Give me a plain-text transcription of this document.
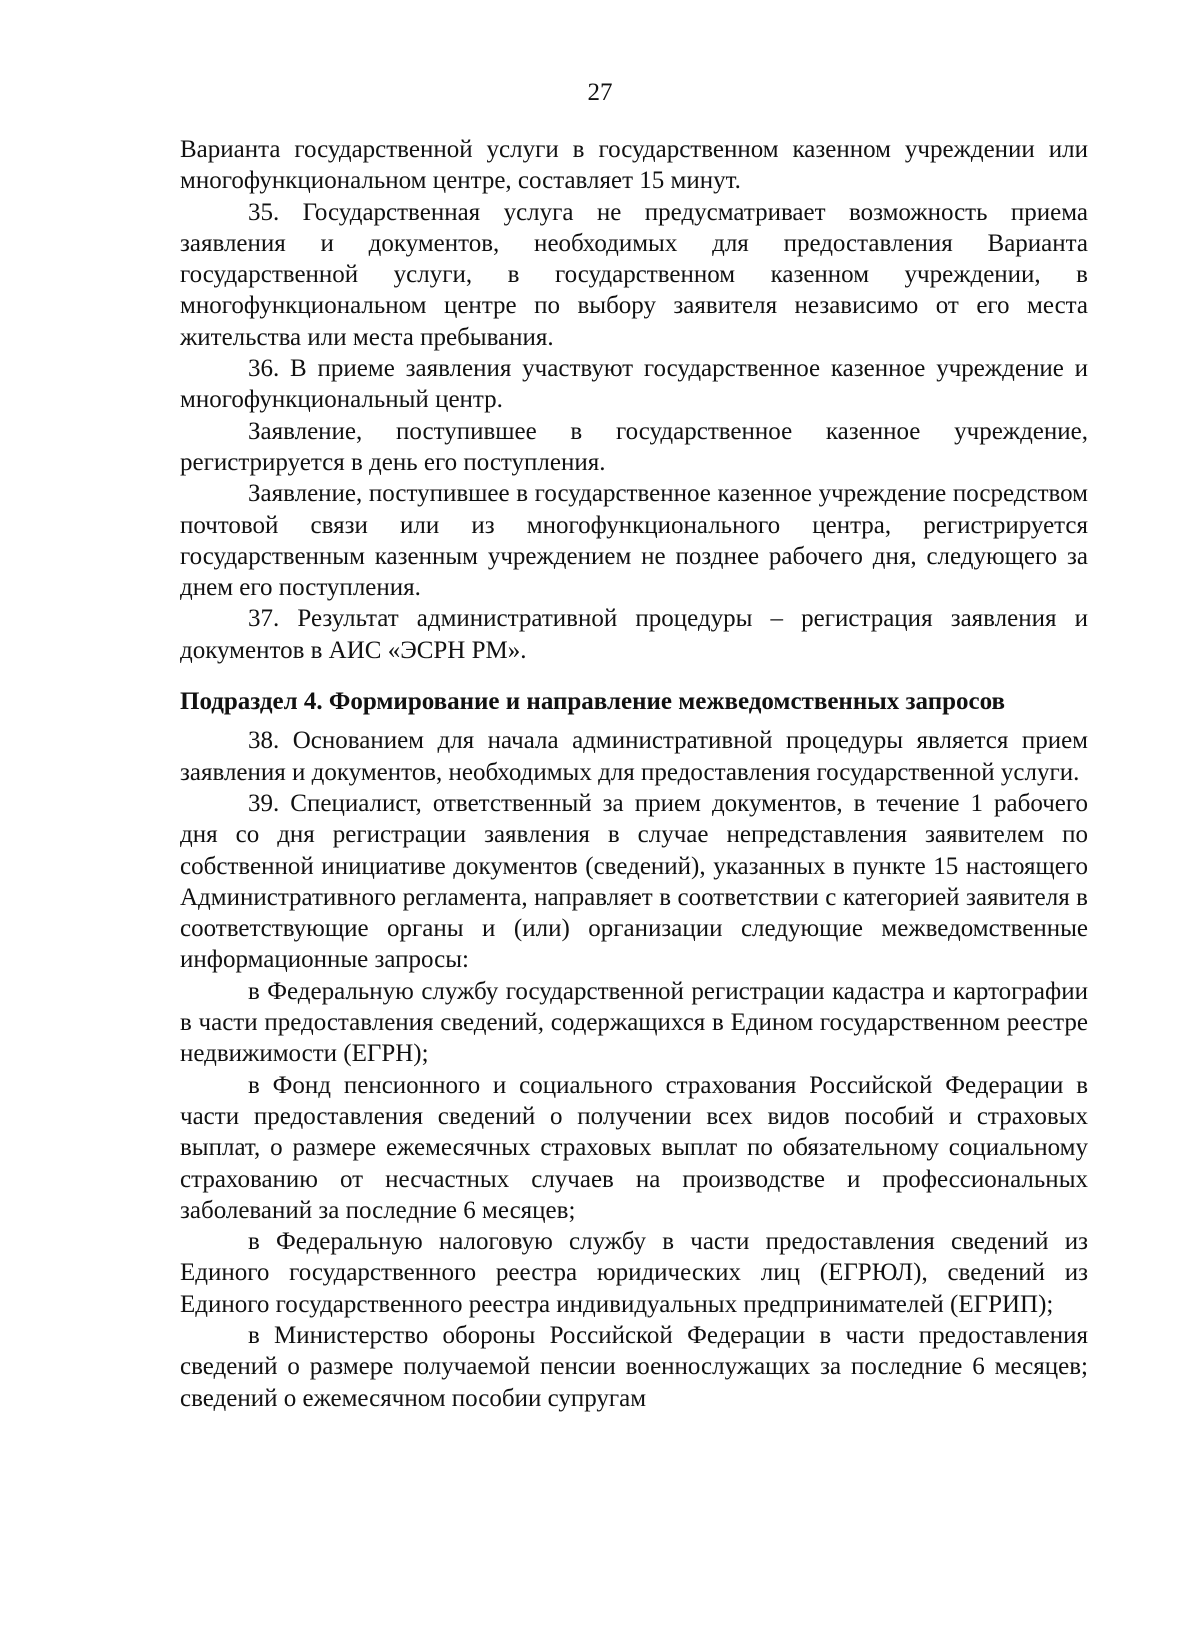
27

Варианта государственной услуги в государственном казенном учреждении или многофункциональном центре, составляет 15 минут.

35. Государственная услуга не предусматривает возможность приема заявления и документов, необходимых для предоставления Варианта государственной услуги, в государственном казенном учреждении, в многофункциональном центре по выбору заявителя независимо от его места жительства или места пребывания.

36. В приеме заявления участвуют государственное казенное учреждение и многофункциональный центр.

Заявление, поступившее в государственное казенное учреждение, регистрируется в день его поступления.

Заявление, поступившее в государственное казенное учреждение посредством почтовой связи или из многофункционального центра, регистрируется государственным казенным учреждением не позднее рабочего дня, следующего за днем его поступления.

37. Результат административной процедуры – регистрация заявления и документов в АИС «ЭСРН РМ».

Подраздел 4. Формирование и направление межведомственных запросов

38. Основанием для начала административной процедуры является прием заявления и документов, необходимых для предоставления государственной услуги.

39. Специалист, ответственный за прием документов, в течение 1 рабочего дня со дня регистрации заявления в случае непредставления заявителем по собственной инициативе документов (сведений), указанных в пункте 15 настоящего Административного регламента, направляет в соответствии с категорией заявителя в соответствующие органы и (или) организации следующие межведомственные информационные запросы:

в Федеральную службу государственной регистрации кадастра и картографии в части предоставления сведений, содержащихся в Едином государственном реестре недвижимости (ЕГРН);

в Фонд пенсионного и социального страхования Российской Федерации в части предоставления сведений о получении всех видов пособий и страховых выплат, о размере ежемесячных страховых выплат по обязательному социальному страхованию от несчастных случаев на производстве и профессиональных заболеваний за последние 6 месяцев;

в Федеральную налоговую службу в части предоставления сведений из Единого государственного реестра юридических лиц (ЕГРЮЛ), сведений из Единого государственного реестра индивидуальных предпринимателей (ЕГРИП);

в Министерство обороны Российской Федерации в части предоставления сведений о размере получаемой пенсии военнослужащих за последние 6 месяцев; сведений о ежемесячном пособии супругам
